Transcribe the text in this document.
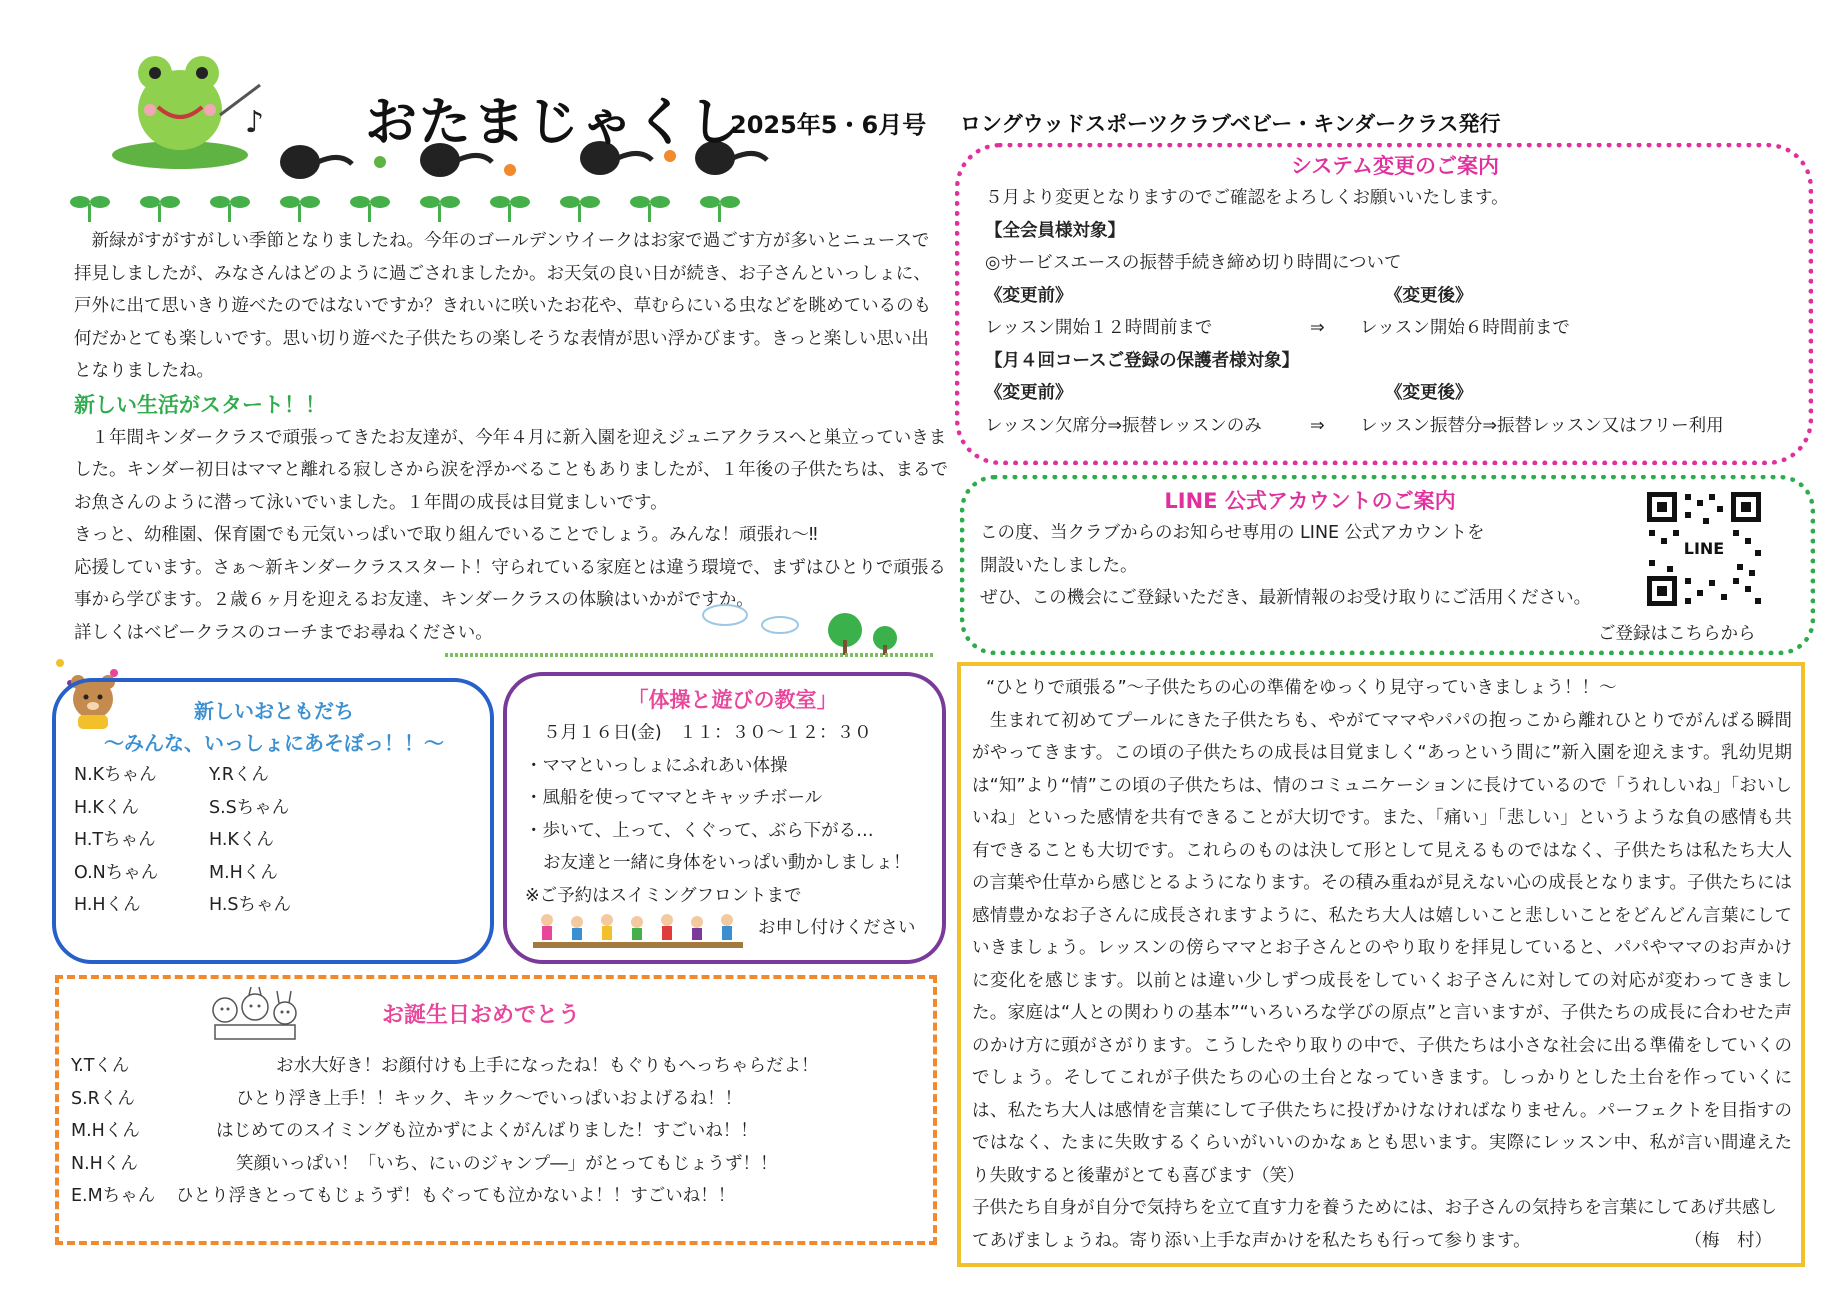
♪ おたまじゃくし
2025年5・6月号 ロングウッドスポーツクラブベビー・キンダークラス発行

　新緑がすがすがしい季節となりましたね。今年のゴールデンウイークはお家で過ごす方が多いとニュースで拝見しましたが、みなさんはどのように過ごされましたか。お天気の良い日が続き、お子さんといっしょに、戸外に出て思いきり遊べたのではないですか？きれいに咲いたお花や、草むらにいる虫などを眺めているのも何だかとても楽しいです。思い切り遊べた子供たちの楽しそうな表情が思い浮かびます。きっと楽しい思い出となりましたね。

新しい生活がスタート！！

　１年間キンダークラスで頑張ってきたお友達が、今年４月に新入園を迎えジュニアクラスへと巣立っていきました。キンダー初日はママと離れる寂しさから涙を浮かべることもありましたが、１年後の子供たちは、まるでお魚さんのように潜って泳いでいました。１年間の成長は目覚ましいです。

きっと、幼稚園、保育園でも元気いっぱいで取り組んでいることでしょう。みんな！頑張れ～‼

応援しています。さぁ～新キンダークラススタート！守られている家庭とは違う環境で、まずはひとりで頑張る事から学びます。２歳６ヶ月を迎えるお友達、キンダークラスの体験はいかがですか。

詳しくはベビークラスのコーチまでお尋ねください。

システム変更のご案内
５月より変更となりますのでご確認をよろしくお願いいたします。
【全会員様対象】
◎サービスエースの振替手続き締め切り時間について
《変更前》	《変更後》
レッスン開始１２時間前まで	⇒ レッスン開始６時間前まで
【月４回コースご登録の保護者様対象】
《変更前》	《変更後》
レッスン欠席分⇒振替レッスンのみ	⇒ レッスン振替分⇒振替レッスン又はフリー利用
LINE 公式アカウントのご案内
この度、当クラブからのお知らせ専用の LINE 公式アカウントを
開設いたしました。
ぜひ、この機会にご登録いただき、最新情報のお受け取りにご活用ください。
LINE
ご登録はこちらから
新しいおともだち
～みんな、いっしょにあそぼっ！！～
N.Kちゃん	Y.Rくん
H.Kくん	S.Sちゃん
H.Tちゃん	H.Kくん
O.Nちゃん	M.Hくん
H.Hくん	H.Sちゃん
「体操と遊びの教室」
５月１６日(金)　１１：３０～１２：３０
・ママといっしょにふれあい体操
・風船を使ってママとキャッチボール
・歩いて、上って、くぐって、ぶら下がる…
お友達と一緒に身体をいっぱい動かしましょ！
※ご予約はスイミングフロントまで
お申し付けください
お誕生日おめでとう
Y.Tくん	お水大好き！お顔付けも上手になったね！もぐりもへっちゃらだよ！
S.Rくん	ひとり浮き上手！！キック、キック～でいっぱいおよげるね！！
M.Hくん	はじめてのスイミングも泣かずによくがんばりました！すごいね！！
N.Hくん	笑顔いっぱい！「いち、にぃのジャンプ―」がとってもじょうず！！
E.Mちゃん ひとり浮きとってもじょうず！もぐっても泣かないよ！！すごいね！！
“ひとりで頑張る”～子供たちの心の準備をゆっくり見守っていきましょう！！～

　生まれて初めてプールにきた子供たちも、やがてママやパパの抱っこから離れひとりでがんばる瞬間がやってきます。この頃の子供たちの成長は目覚ましく“あっという間に”新入園を迎えます。乳幼児期は“知”より“情”この頃の子供たちは、情のコミュニケーションに長けているので「うれしいね」「おいしいね」といった感情を共有できることが大切です。また、「痛い」「悲しい」というような負の感情も共有できることも大切です。これらのものは決して形として見えるものではなく、子供たちは私たち大人の言葉や仕草から感じとるようになります。その積み重ねが見えない心の成長となります。子供たちには感情豊かなお子さんに成長されますように、私たち大人は嬉しいこと悲しいことをどんどん言葉にしていきましょう。レッスンの傍らママとお子さんとのやり取りを拝見していると、パパやママのお声かけに変化を感じます。以前とは違い少しずつ成長をしていくお子さんに対しての対応が変わってきました。家庭は“人との関わりの基本”“いろいろな学びの原点”と言いますが、子供たちの成長に合わせた声のかけ方に頭がさがります。こうしたやり取りの中で、子供たちは小さな社会に出る準備をしていくのでしょう。そしてこれが子供たちの心の土台となっていきます。しっかりとした土台を作っていくには、私たち大人は感情を言葉にして子供たちに投げかけなければなりません。パーフェクトを目指すのではなく、たまに失敗するくらいがいいのかなぁとも思います。実際にレッスン中、私が言い間違えたり失敗すると後輩がとても喜びます（笑）

子供たち自身が自分で気持ちを立て直す力を養うためには、お子さんの気持ちを言葉にしてあげ共感してあげましょうね。寄り添い上手な声かけを私たちも行って参ります。	（梅　村）
